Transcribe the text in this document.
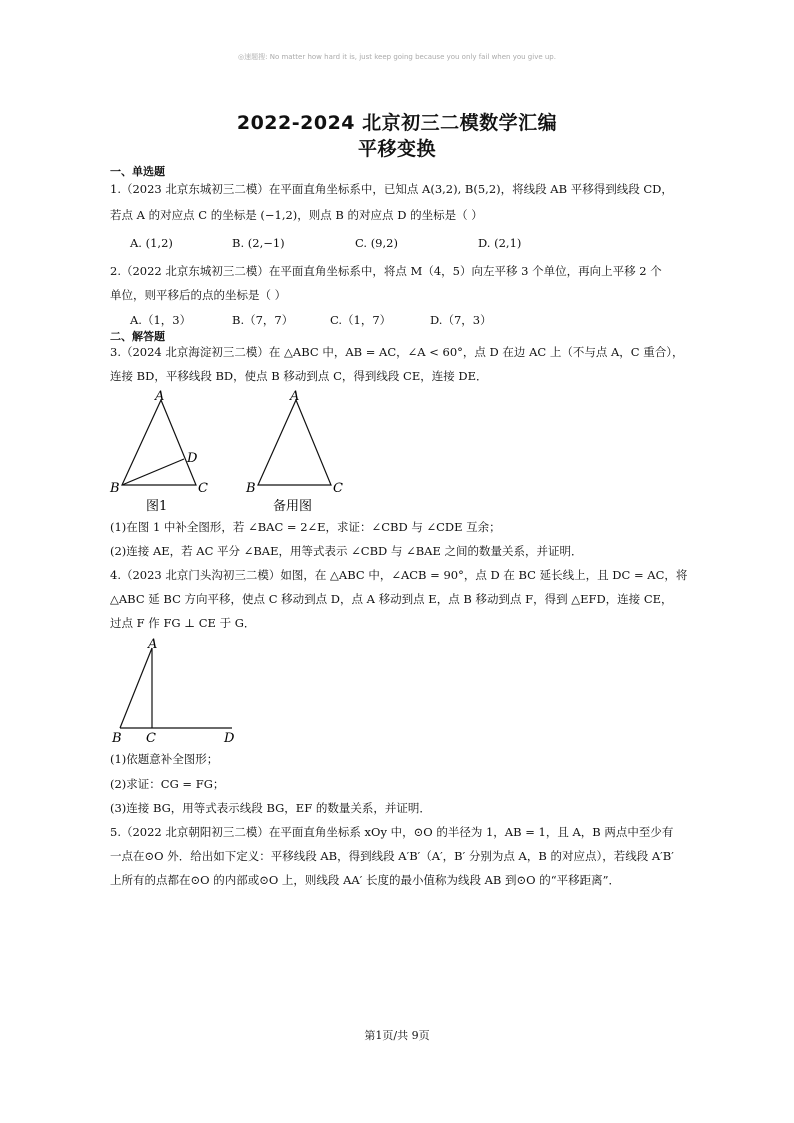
◎速题搜: No matter how hard it is, just keep going because you only fail when you give up.
2022-2024 北京初三二模数学汇编
平移变换
一、单选题
1.（2023 北京东城初三二模）在平面直角坐标系中，已知点 A(3,2), B(5,2)，将线段 AB 平移得到线段 CD，
若点 A 的对应点 C 的坐标是 (−1,2)，则点 B 的对应点 D 的坐标是（ ）
A. (1,2)	B. (2,−1)	C. (9,2)	D. (2,1)
2.（2022 北京东城初三二模）在平面直角坐标系中，将点 M（4，5）向左平移 3 个单位，再向上平移 2 个
单位，则平移后的点的坐标是（ ）
A.（1，3）	B.（7，7）	C.（1，7）	D.（7，3）
二、解答题
3.（2024 北京海淀初三二模）在 △ABC 中，AB = AC，∠A < 60°，点 D 在边 AC 上（不与点 A，C 重合），
连接 BD，平移线段 BD，使点 B 移动到点 C，得到线段 CE，连接 DE．
A
B	C
D
图1
A
B	C
备用图
(1)在图 1 中补全图形，若 ∠BAC = 2∠E，求证：∠CBD 与 ∠CDE 互余；
(2)连接 AE，若 AC 平分 ∠BAE，用等式表示 ∠CBD 与 ∠BAE 之间的数量关系，并证明．
4.（2023 北京门头沟初三二模）如图，在 △ABC 中，∠ACB = 90°，点 D 在 BC 延长线上，且 DC = AC，将
△ABC 延 BC 方向平移，使点 C 移动到点 D，点 A 移动到点 E，点 B 移动到点 F，得到 △EFD，连接 CE，
过点 F 作 FG ⊥ CE 于 G．
A
B C	D
(1)依题意补全图形；
(2)求证：CG = FG；
(3)连接 BG，用等式表示线段 BG，EF 的数量关系，并证明．
5.（2022 北京朝阳初三二模）在平面直角坐标系 xOy 中，⊙O 的半径为 1，AB = 1，且 A，B 两点中至少有
一点在⊙O 外．给出如下定义：平移线段 AB，得到线段 A′B′（A′，B′ 分别为点 A，B 的对应点），若线段 A′B′
上所有的点都在⊙O 的内部或⊙O 上，则线段 AA′ 长度的最小值称为线段 AB 到⊙O 的“平移距离”．
第1页/共 9页
